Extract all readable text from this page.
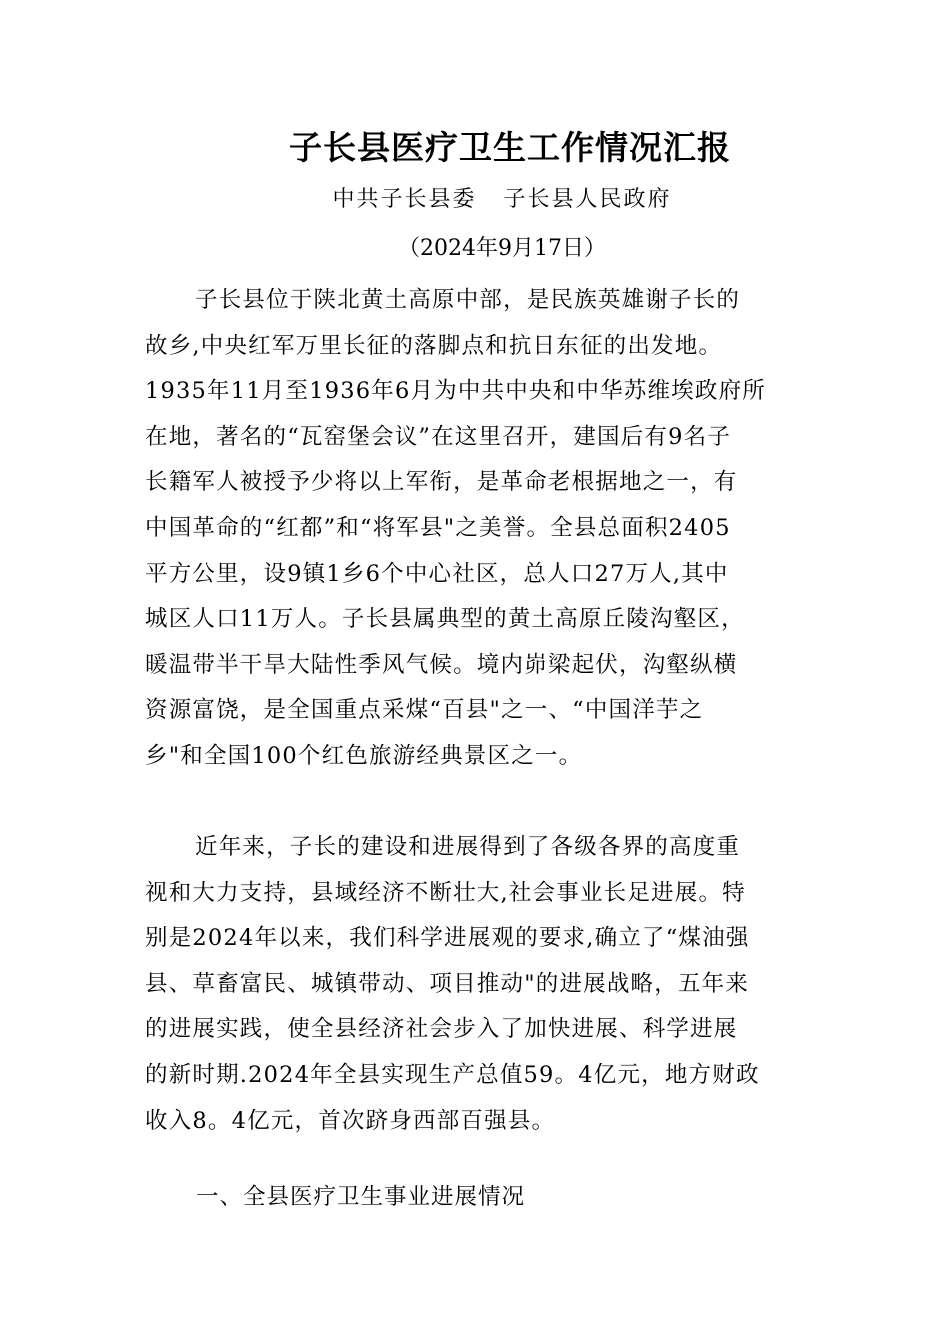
子长县医疗卫生工作情况汇报
中共子长县委   子长县人民政府
（2024年9月17日）
子长县位于陕北黄土高原中部，是民族英雄谢子长的
故乡,中央红军万里长征的落脚点和抗日东征的出发地。
1935年11月至1936年6月为中共中央和中华苏维埃政府所
在地，著名的“瓦窑堡会议”在这里召开，建国后有9名子
长籍军人被授予少将以上军衔，是革命老根据地之一，有
中国革命的“红都”和“将军县"之美誉。全县总面积2405
平方公里，设9镇1乡6个中心社区，总人口27万人,其中
城区人口11万人。子长县属典型的黄土高原丘陵沟壑区，
暖温带半干旱大陆性季风气候。境内峁梁起伏，沟壑纵横
资源富饶，是全国重点采煤“百县"之一、“中国洋芋之
乡"和全国100个红色旅游经典景区之一。
近年来，子长的建设和进展得到了各级各界的高度重
视和大力支持，县域经济不断壮大,社会事业长足进展。特
别是2024年以来，我们科学进展观的要求,确立了“煤油强
县、草畜富民、城镇带动、项目推动"的进展战略，五年来
的进展实践，使全县经济社会步入了加快进展、科学进展
的新时期.2024年全县实现生产总值59。4亿元，地方财政
收入8。4亿元，首次跻身西部百强县。
一、全县医疗卫生事业进展情况
